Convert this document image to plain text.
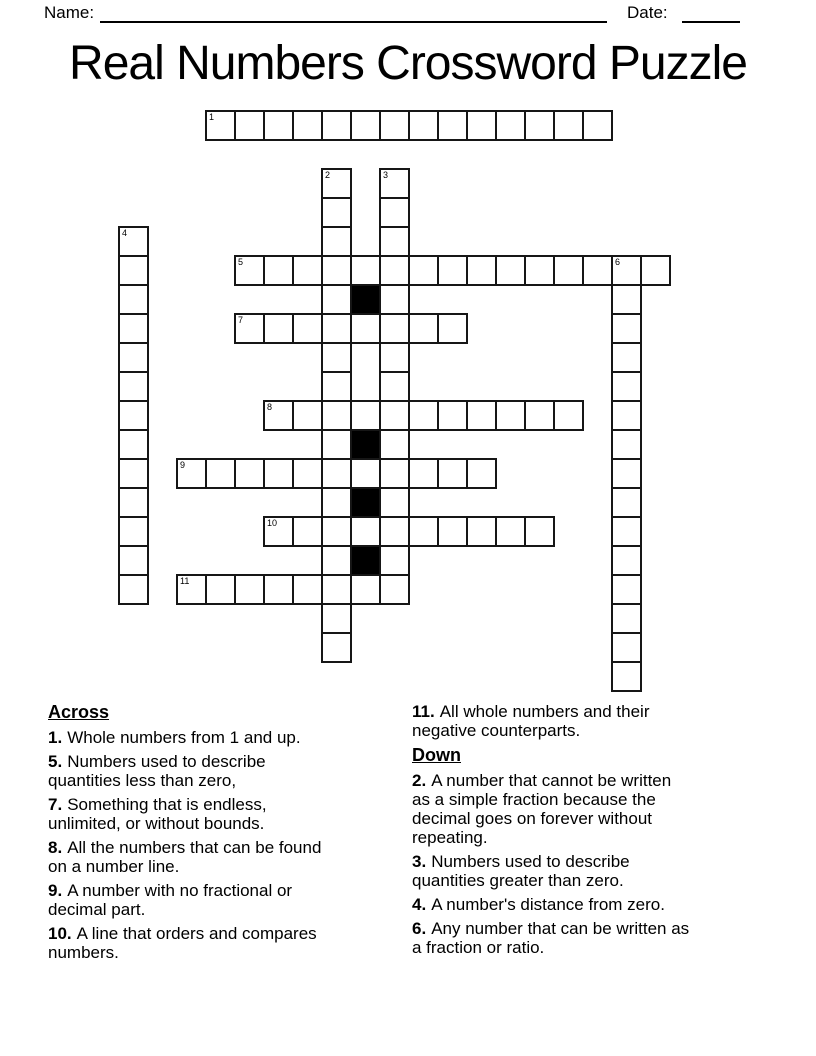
Name:	Date:
Real Numbers Crossword Puzzle
1
2	3
4
5	6
7
8
9
10
11
Across
1. Whole numbers from 1 and up.
5. Numbers used to describe
quantities less than zero,
7. Something that is endless,
unlimited, or without bounds.
8. All the numbers that can be found
on a number line.
9. A number with no fractional or
decimal part.
10. A line that orders and compares
numbers.
11. All whole numbers and their
negative counterparts.
Down
2. A number that cannot be written
as a simple fraction because the
decimal goes on forever without
repeating.
3. Numbers used to describe
quantities greater than zero.
4. A number's distance from zero.
6. Any number that can be written as
a fraction or ratio.
